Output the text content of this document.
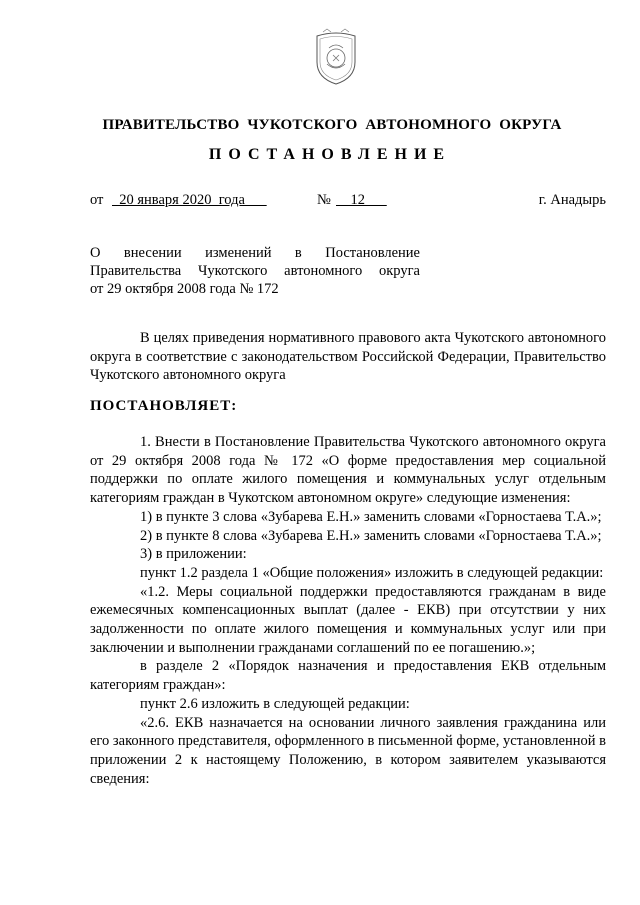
ПРАВИТЕЛЬСТВО  ЧУКОТСКОГО  АВТОНОМНОГО  ОКРУГА
ПОСТАНОВЛЕНИЕ
от 20 января 2020  года	№ 12	г. Анадырь
О внесении изменений в Постановление
Правительства Чукотского автономного округа
от 29 октября 2008 года № 172

В целях приведения нормативного правового акта Чукотского автономного округа в соответствие с законодательством Российской Федерации, Правительство Чукотского автономного округа

ПОСТАНОВЛЯЕТ:

1. Внести в Постановление Правительства Чукотского автономного округа от 29 октября 2008 года № 172 «О форме предоставления мер социальной поддержки по оплате жилого помещения и коммунальных услуг отдельным категориям граждан в Чукотском автономном округе» следующие изменения:

1) в пункте 3 слова «Зубарева Е.Н.» заменить словами «Горностаева Т.А.»;

2) в пункте 8 слова «Зубарева Е.Н.» заменить словами «Горностаева Т.А.»;

3) в приложении:

пункт 1.2 раздела 1 «Общие положения» изложить в следующей редакции:

«1.2. Меры социальной поддержки предоставляются гражданам в виде ежемесячных компенсационных выплат (далее - ЕКВ) при отсутствии у них задолженности по оплате жилого помещения и коммунальных услуг или при заключении и выполнении гражданами соглашений по ее погашению.»;

в разделе 2 «Порядок назначения и предоставления ЕКВ отдельным категориям граждан»:

пункт 2.6 изложить в следующей редакции:

«2.6. ЕКВ назначается на основании личного заявления гражданина или его законного представителя, оформленного в письменной форме, установленной в приложении 2 к настоящему Положению, в котором заявителем указываются сведения:
